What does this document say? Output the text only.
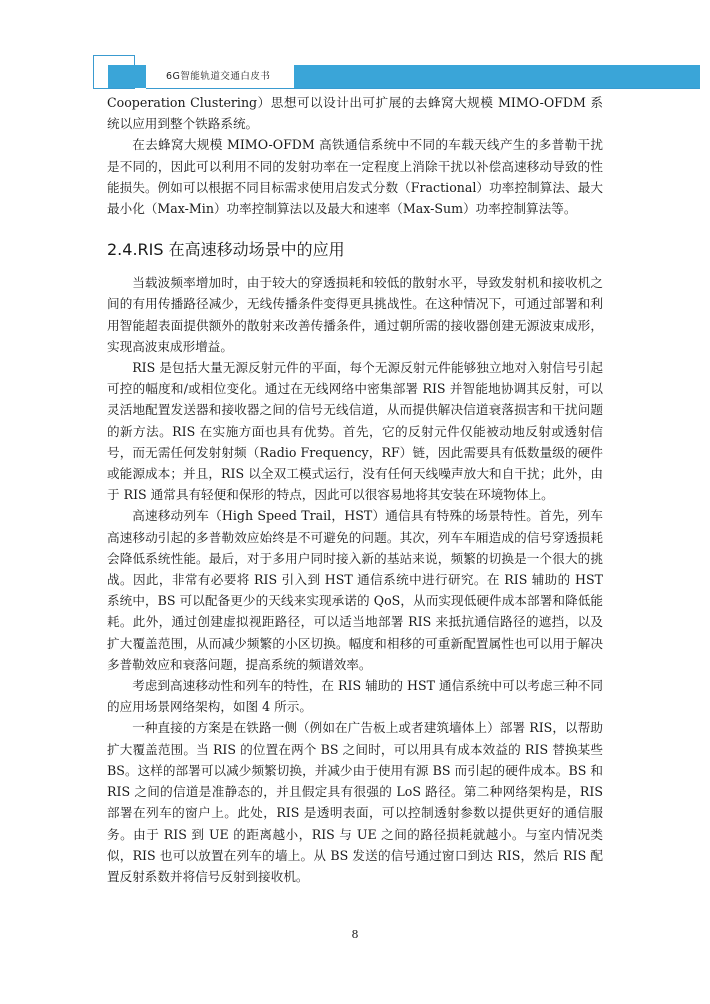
6G智能轨道交通白皮书

Cooperation Clustering）思想可以设计出可扩展的去蜂窝大规模 MIMO-OFDM 系统以应用到整个铁路系统。

在去蜂窝大规模 MIMO-OFDM 高铁通信系统中不同的车载天线产生的多普勒干扰是不同的，因此可以利用不同的发射功率在一定程度上消除干扰以补偿高速移动导致的性能损失。例如可以根据不同目标需求使用启发式分数（Fractional）功率控制算法、最大最小化（Max-Min）功率控制算法以及最大和速率（Max-Sum）功率控制算法等。

2.4.RIS 在高速移动场景中的应用

当载波频率增加时，由于较大的穿透损耗和较低的散射水平，导致发射机和接收机之间的有用传播路径减少，无线传播条件变得更具挑战性。在这种情况下，可通过部署和利用智能超表面提供额外的散射来改善传播条件，通过朝所需的接收器创建无源波束成形，实现高波束成形增益。

RIS 是包括大量无源反射元件的平面，每个无源反射元件能够独立地对入射信号引起可控的幅度和/或相位变化。通过在无线网络中密集部署 RIS 并智能地协调其反射，可以灵活地配置发送器和接收器之间的信号无线信道，从而提供解决信道衰落损害和干扰问题的新方法。RIS 在实施方面也具有优势。首先，它的反射元件仅能被动地反射或透射信号，而无需任何发射射频（Radio Frequency，RF）链，因此需要具有低数量级的硬件或能源成本；并且，RIS 以全双工模式运行，没有任何天线噪声放大和自干扰；此外，由于 RIS 通常具有轻便和保形的特点，因此可以很容易地将其安装在环境物体上。

高速移动列车（High Speed Trail，HST）通信具有特殊的场景特性。首先，列车高速移动引起的多普勒效应始终是不可避免的问题。其次，列车车厢造成的信号穿透损耗会降低系统性能。最后，对于多用户同时接入新的基站来说，频繁的切换是一个很大的挑战。因此，非常有必要将 RIS 引入到 HST 通信系统中进行研究。在 RIS 辅助的 HST 系统中，BS 可以配备更少的天线来实现承诺的 QoS，从而实现低硬件成本部署和降低能耗。此外，通过创建虚拟视距路径，可以适当地部署 RIS 来抵抗通信路径的遮挡，以及扩大覆盖范围，从而减少频繁的小区切换。幅度和相移的可重新配置属性也可以用于解决多普勒效应和衰落问题，提高系统的频谱效率。

考虑到高速移动性和列车的特性，在 RIS 辅助的 HST 通信系统中可以考虑三种不同的应用场景网络架构，如图 4 所示。

一种直接的方案是在铁路一侧（例如在广告板上或者建筑墙体上）部署 RIS，以帮助扩大覆盖范围。当 RIS 的位置在两个 BS 之间时，可以用具有成本效益的 RIS 替换某些 BS。这样的部署可以减少频繁切换，并减少由于使用有源 BS 而引起的硬件成本。BS 和 RIS 之间的信道是准静态的，并且假定具有很强的 LoS 路径。第二种网络架构是，RIS 部署在列车的窗户上。此处，RIS 是透明表面，可以控制透射参数以提供更好的通信服务。由于 RIS 到 UE 的距离越小，RIS 与 UE 之间的路径损耗就越小。与室内情况类似，RIS 也可以放置在列车的墙上。从 BS 发送的信号通过窗口到达 RIS，然后 RIS 配置反射系数并将信号反射到接收机。

8
